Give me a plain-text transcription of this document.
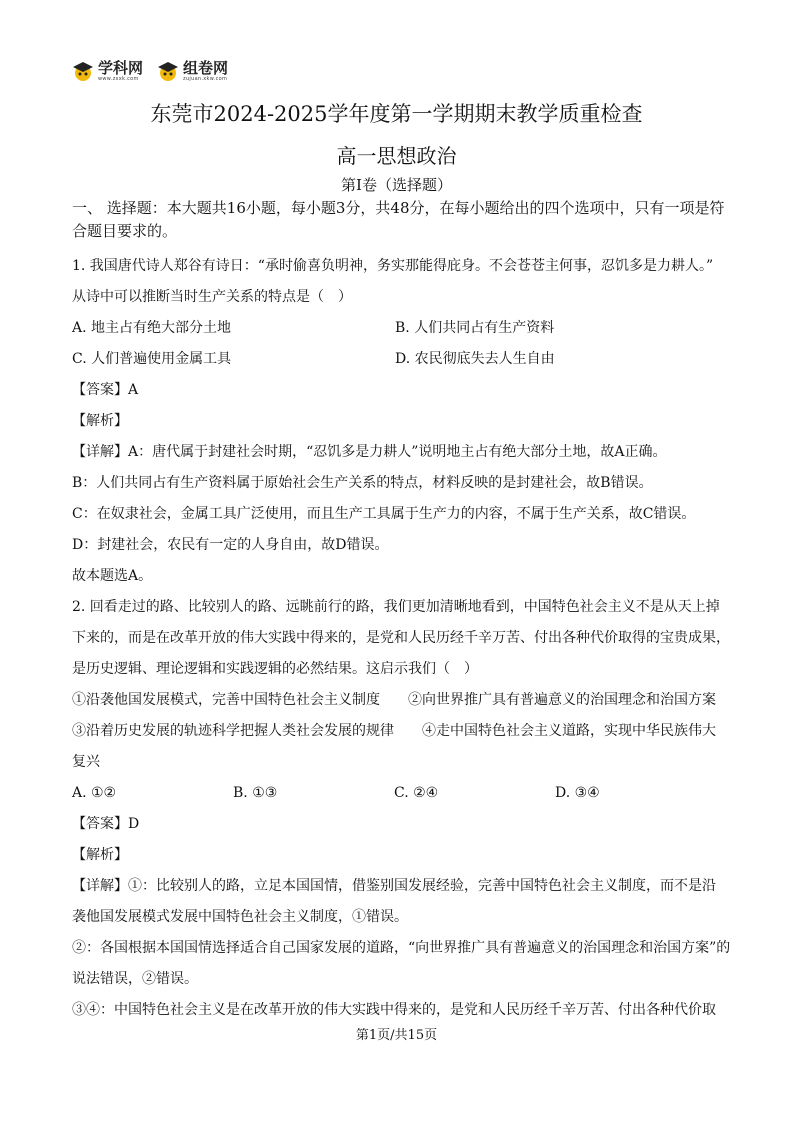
学科网
www.zxxk.com
组卷网
zujuan.xkw.com
东莞市2024-2025学年度第一学期期末教学质重检查
高一思想政治
第Ⅰ卷（选择题）

一、 选择题：本大题共16小题，每小题3分，共48分，在每小题给出的四个选项中，只有一项是符合题目要求的。

1. 我国唐代诗人郑谷有诗日：“承时偷喜负明神，务实那能得庇身。不会苍苍主何事，忍饥多是力耕人。”

从诗中可以推断当时生产关系的特点是（　）

A. 地主占有绝大部分土地	B. 人们共同占有生产资料
C. 人们普遍使用金属工具	D. 农民彻底失去人生自由

【答案】A

【解析】

【详解】A：唐代属于封建社会时期，“忍饥多是力耕人”说明地主占有绝大部分土地，故A正确。

B：人们共同占有生产资料属于原始社会生产关系的特点，材料反映的是封建社会，故B错误。

C：在奴隶社会，金属工具广泛使用，而且生产工具属于生产力的内容，不属于生产关系，故C错误。

D：封建社会，农民有一定的人身自由，故D错误。

故本题选A。

2. 回看走过的路、比较别人的路、远眺前行的路，我们更加清晰地看到，中国特色社会主义不是从天上掉

下来的，而是在改革开放的伟大实践中得来的，是党和人民历经千辛万苦、付出各种代价取得的宝贵成果，

是历史逻辑、理论逻辑和实践逻辑的必然结果。这启示我们（　）

①沿袭他国发展模式，完善中国特色社会主义制度　　②向世界推广具有普遍意义的治国理念和治国方案

③沿着历史发展的轨迹科学把握人类社会发展的规律　　④走中国特色社会主义道路，实现中华民族伟大

复兴

A. ①②	B. ①③	C. ②④	D. ③④

【答案】D

【解析】

【详解】①：比较别人的路，立足本国国情，借鉴别国发展经验，完善中国特色社会主义制度，而不是沿

袭他国发展模式发展中国特色社会主义制度，①错误。

②：各国根据本国国情选择适合自己国家发展的道路，“向世界推广具有普遍意义的治国理念和治国方案”的

说法错误，②错误。

③④：中国特色社会主义是在改革开放的伟大实践中得来的，是党和人民历经千辛万苦、付出各种代价取

第1页/共15页
